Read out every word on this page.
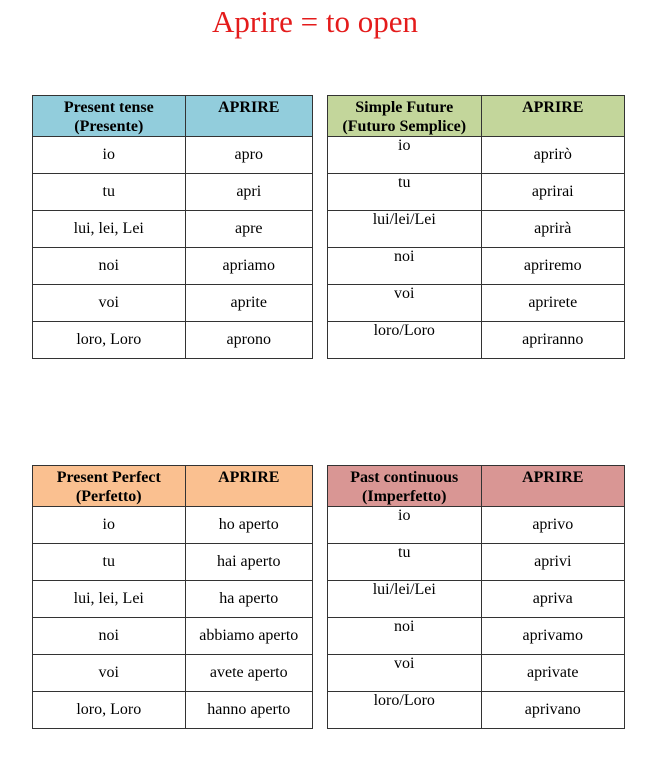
Aprire = to open
Present tense
(Presente)	APRIRE
io	apro
tu	apri
lui, lei, Lei	apre
noi	apriamo
voi	aprite
loro, Loro	aprono
Simple Future
(Futuro Semplice)	APRIRE
io	aprirò
tu	aprirai
lui/lei/Lei	aprirà
noi	apriremo
voi	aprirete
loro/Loro	apriranno
Present Perfect
(Perfetto)	APRIRE
io	ho aperto
tu	hai aperto
lui, lei, Lei	ha aperto
noi	abbiamo aperto
voi	avete aperto
loro, Loro	hanno aperto
Past continuous
(Imperfetto)	APRIRE
io	aprivo
tu	aprivi
lui/lei/Lei	apriva
noi	aprivamo
voi	aprivate
loro/Loro	aprivano
